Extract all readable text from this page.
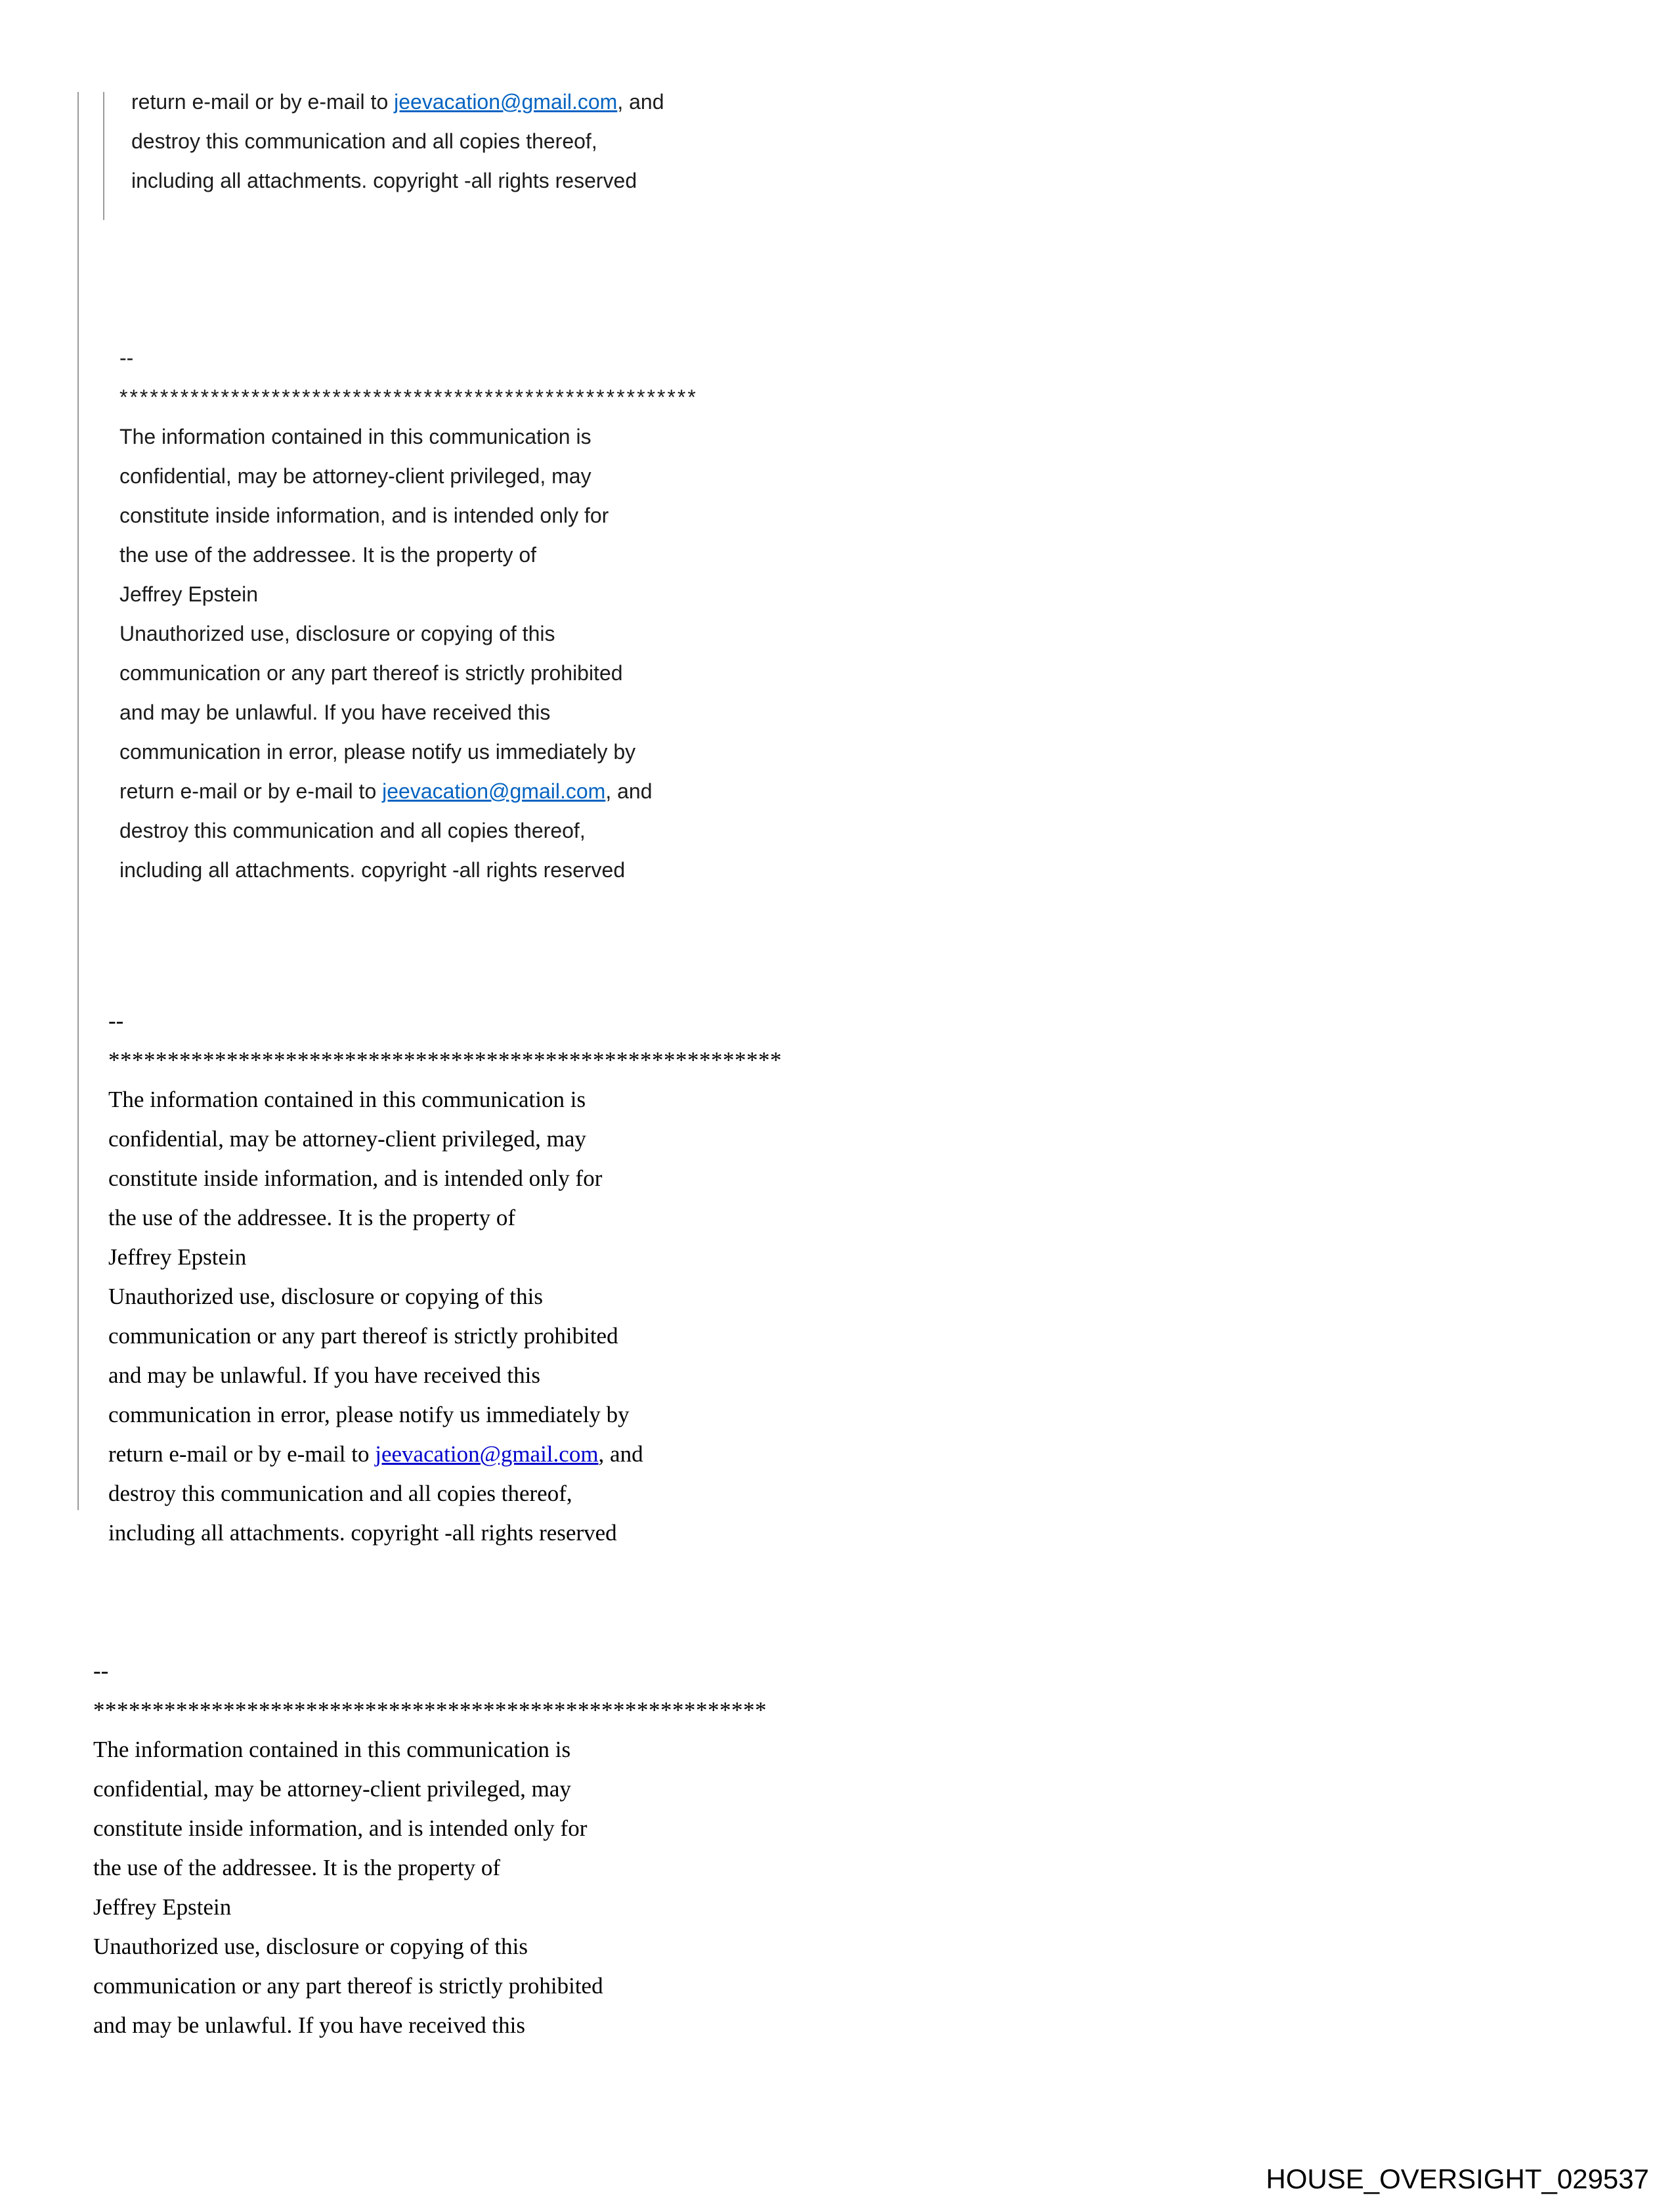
return e-mail or by e-mail to jeevacation@gmail.com, and
destroy this communication and all copies thereof,
including all attachments. copyright -all rights reserved
--
*********************************************************
The information contained in this communication is
confidential, may be attorney-client privileged, may
constitute inside information, and is intended only for
the use of the addressee. It is the property of
Jeffrey Epstein
Unauthorized use, disclosure or copying of this
communication or any part thereof is strictly prohibited
and may be unlawful. If you have received this
communication in error, please notify us immediately by
return e-mail or by e-mail to jeevacation@gmail.com, and
destroy this communication and all copies thereof,
including all attachments. copyright -all rights reserved
--
*********************************************************
The information contained in this communication is
confidential, may be attorney-client privileged, may
constitute inside information, and is intended only for
the use of the addressee. It is the property of
Jeffrey Epstein
Unauthorized use, disclosure or copying of this
communication or any part thereof is strictly prohibited
and may be unlawful. If you have received this
communication in error, please notify us immediately by
return e-mail or by e-mail to jeevacation@gmail.com, and
destroy this communication and all copies thereof,
including all attachments. copyright -all rights reserved
--
*********************************************************
The information contained in this communication is
confidential, may be attorney-client privileged, may
constitute inside information, and is intended only for
the use of the addressee. It is the property of
Jeffrey Epstein
Unauthorized use, disclosure or copying of this
communication or any part thereof is strictly prohibited
and may be unlawful. If you have received this
HOUSE_OVERSIGHT_029537
